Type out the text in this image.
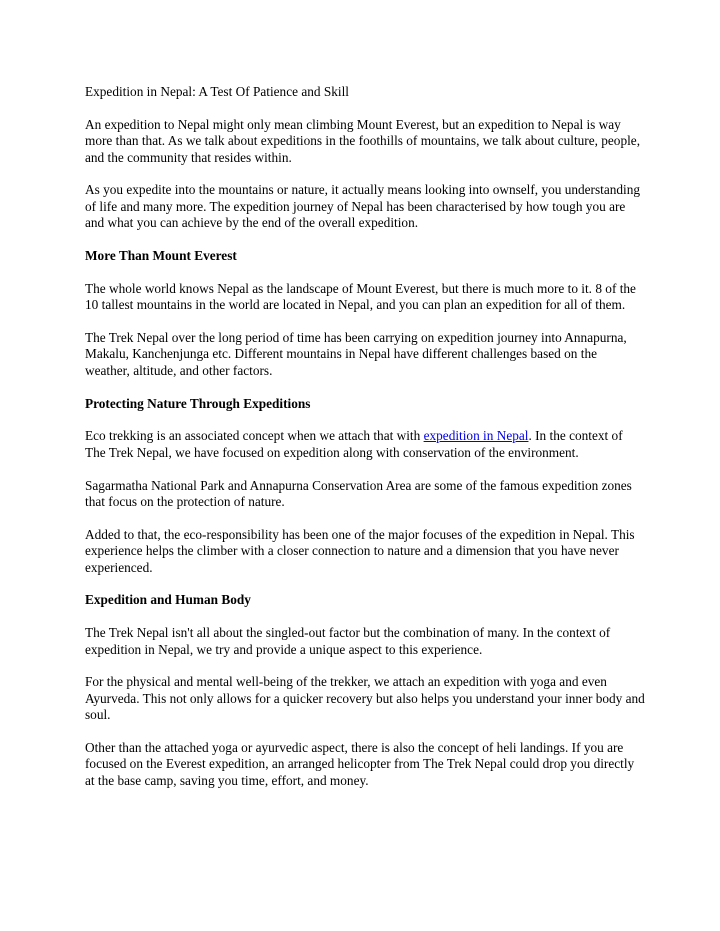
Expedition in Nepal: A Test Of Patience and Skill

An expedition to Nepal might only mean climbing Mount Everest, but an expedition to Nepal is way more than that. As we talk about expeditions in the foothills of mountains, we talk about culture, people, and the community that resides within.

As you expedite into the mountains or nature, it actually means looking into ownself, you understanding of life and many more. The expedition journey of Nepal has been characterised by how tough you are and what you can achieve by the end of the overall expedition.

More Than Mount Everest

The whole world knows Nepal as the landscape of Mount Everest, but there is much more to it. 8 of the 10 tallest mountains in the world are located in Nepal, and you can plan an expedition for all of them.

The Trek Nepal over the long period of time has been carrying on expedition journey into Annapurna, Makalu, Kanchenjunga etc. Different mountains in Nepal have different challenges based on the weather, altitude, and other factors.

Protecting Nature Through Expeditions

Eco trekking is an associated concept when we attach that with expedition in Nepal. In the context of The Trek Nepal, we have focused on expedition along with conservation of the environment.

Sagarmatha National Park and Annapurna Conservation Area are some of the famous expedition zones that focus on the protection of nature.

Added to that, the eco-responsibility has been one of the major focuses of the expedition in Nepal. This experience helps the climber with a closer connection to nature and a dimension that you have never experienced.

Expedition and Human Body

The Trek Nepal isn't all about the singled-out factor but the combination of many. In the context of expedition in Nepal, we try and provide a unique aspect to this experience.

For the physical and mental well-being of the trekker, we attach an expedition with yoga and even Ayurveda. This not only allows for a quicker recovery but also helps you understand your inner body and soul.

Other than the attached yoga or ayurvedic aspect, there is also the concept of heli landings. If you are focused on the Everest expedition, an arranged helicopter from The Trek Nepal could drop you directly at the base camp, saving you time, effort, and money.
